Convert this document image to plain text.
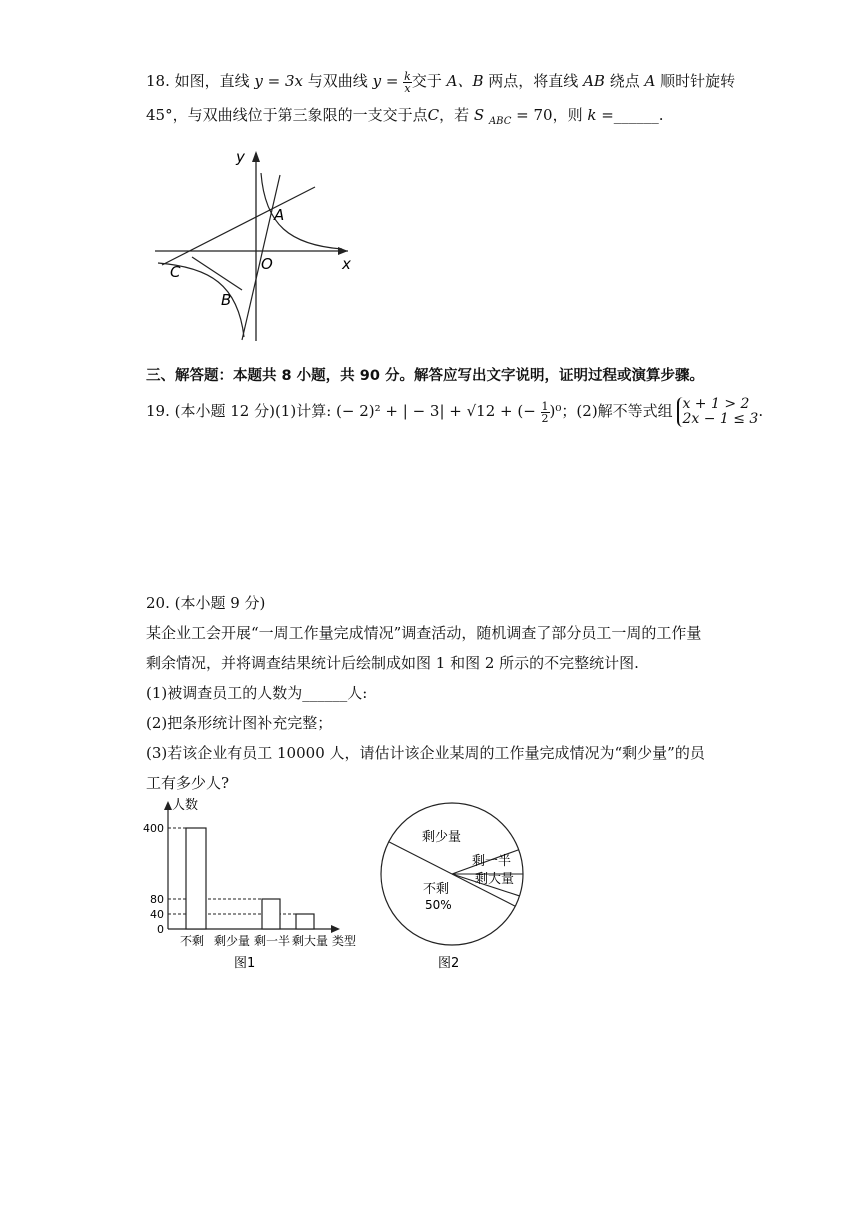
18. 如图，直线 y = 3x 与双曲线 $y = \frac{k}{x}$ 交于 A、B 两点，将直线 AB 绕点 A 顺时针旋转
45°，与双曲线位于第三象限的一支交于点C，若 S $_{ABC}$ = 70，则 k =______.
y
x
O
A
B
C
三、解答题：本题共 8 小题，共 90 分。解答应写出文字说明，证明过程或演算步骤。
19. (本小题 12 分)(1)计算: (− 2)² + | − 3| + √12 + (− $\frac{1}{2} )^0$；(2)解不等式组 x + 1 > 2
2x − 1 ≤ 3 .
20. (本小题 9 分)
某企业工会开展“一周工作量完成情况”调查活动，随机调查了部分员工一周的工作量
剩余情况，并将调查结果统计后绘制成如图 1 和图 2 所示的不完整统计图.
(1)被调查员工的人数为______人:
(2)把条形统计图补充完整；
(3)若该企业有员工 10000 人，请估计该企业某周的工作量完成情况为“剩少量”的员
工有多少人?
人数
类型
图1
0
40
80
400
不剩 剩少量 剩一半 剩大量
不剩
50%
剩少量
剩一半
剩大量
图2
